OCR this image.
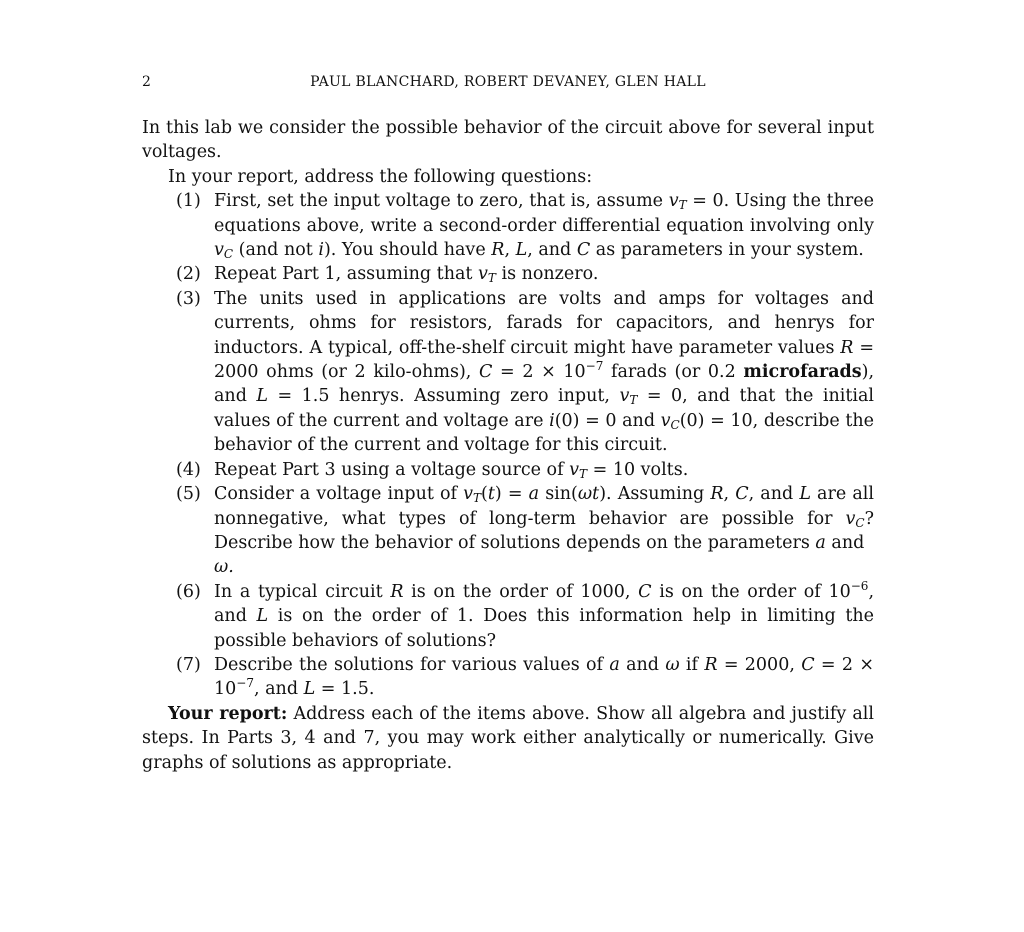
2	PAUL BLANCHARD, ROBERT DEVANEY, GLEN HALL

In this lab we consider the possible behavior of the circuit above for several input voltages.

In your report, address the following questions:

(1) First, set the input voltage to zero, that is, assume $v_T = 0$. Using the three equations above, write a second-order differential equation involving only $v_C$ (and not i). You should have R, L, and C as parameters in your system.
(2) Repeat Part 1, assuming that $v_T$ is nonzero.
(3) The units used in applications are volts and amps for voltages and currents, ohms for resistors, farads for capacitors, and henrys for inductors. A typical, off-the-shelf circuit might have parameter values R = 2000 ohms (or 2 kilo-ohms), $C = 2 \times 10^{-7}$ farads (or 0.2 microfarads), and L = 1.5 henrys. Assuming zero input, $v_T = 0$, and that the initial values of the current and voltage are i(0) = 0 and $v_C(0) = 10$, describe the behavior of the current and voltage for this circuit.
(4) Repeat Part 3 using a voltage source of $v_T = 10$ volts.
(5) Consider a voltage input of $v_T(t) = a$ sin(ωt). Assuming R, C, and L are all nonnegative, what types of long-term behavior are possible for $v_C$? Describe how the behavior of solutions depends on the parameters a and
ω.
(6) In a typical circuit R is on the order of 1000, C is on the order of $10^{-6}$, and L is on the order of 1. Does this information help in limiting the possible behaviors of solutions?
(7) Describe the solutions for various values of a and ω if R = 2000, $C = 2 \times 10^{-7}$, and L = 1.5.

Your report: Address each of the items above. Show all algebra and justify all steps. In Parts 3, 4 and 7, you may work either analytically or numerically. Give graphs of solutions as appropriate.
